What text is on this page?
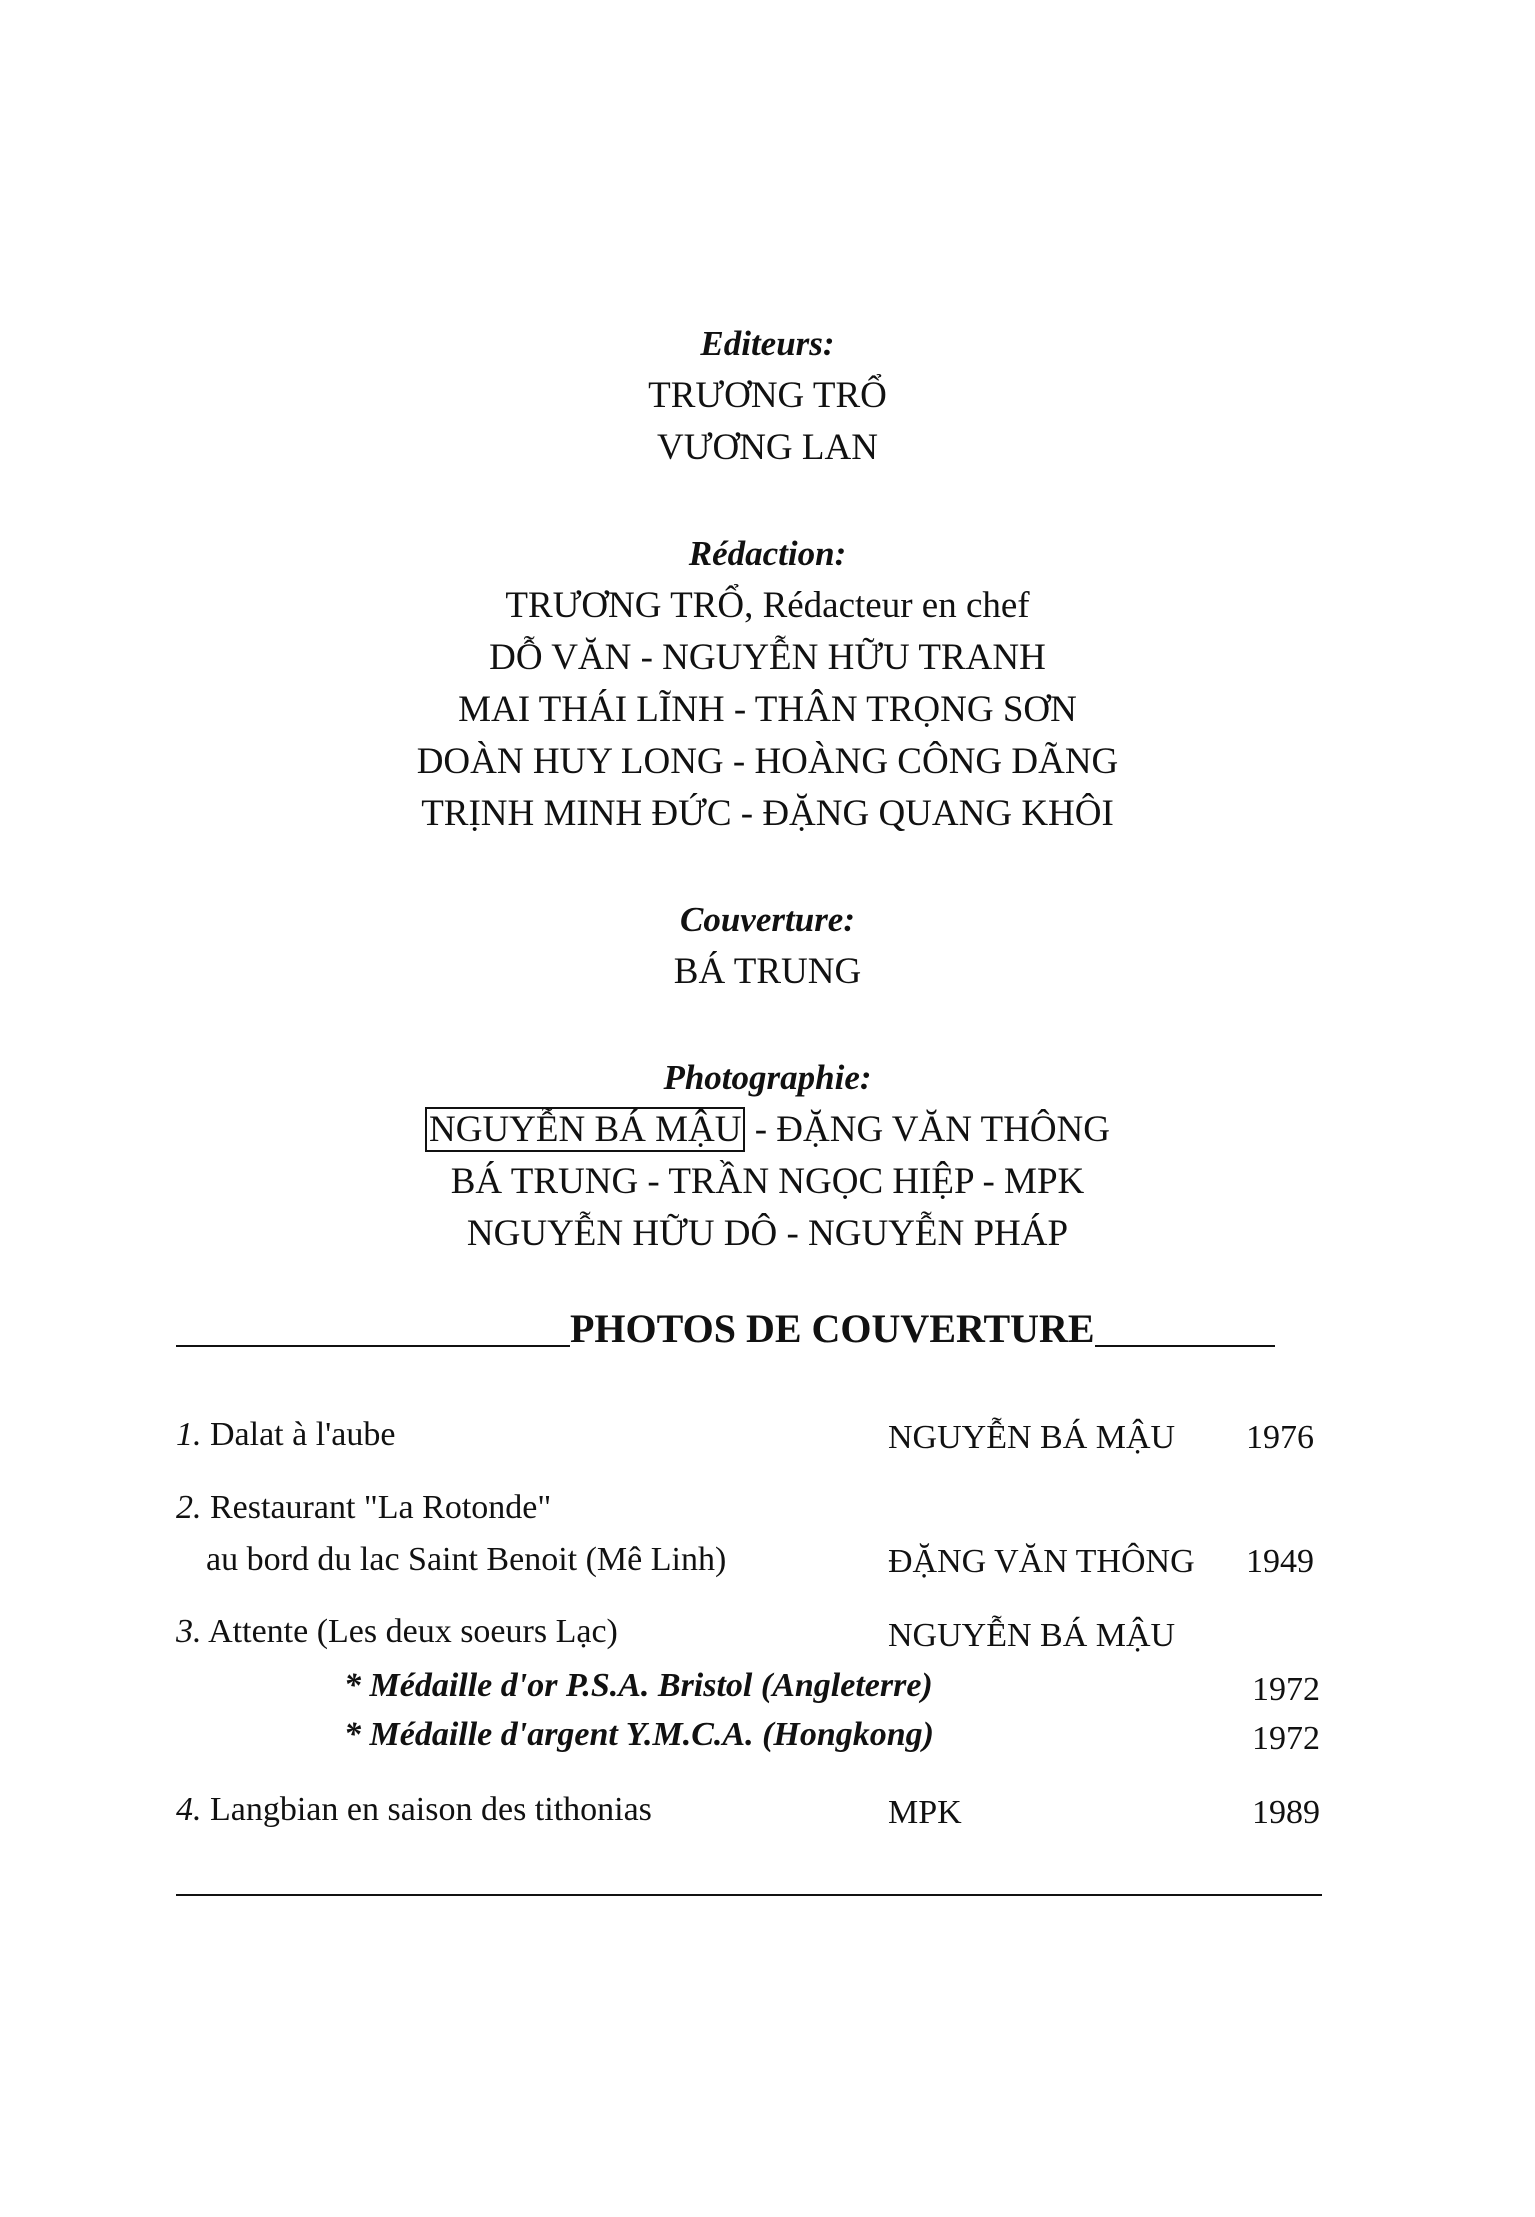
Editeurs:
TRƯƠNG TRỔ
VƯƠNG LAN
Rédaction:
TRƯƠNG TRỔ, Rédacteur en chef
DỖ VĂN - NGUYỄN HỮU TRANH
MAI THÁI LĨNH - THÂN TRỌNG SƠN
DOÀN HUY LONG - HOÀNG CÔNG DÃNG
TRỊNH MINH ĐỨC - ĐẶNG QUANG KHÔI
Couverture:
BÁ TRUNG
Photographie:
NGUYỄN BÁ MẬU - ĐẶNG VĂN THÔNG
BÁ TRUNG - TRẦN NGỌC HIỆP - MPK
NGUYỄN HỮU DÔ - NGUYỄN PHÁP
PHOTOS DE COUVERTURE
1. Dalat à l'aube	NGUYỄN BÁ MẬU 1976
2. Restaurant "La Rotonde"
au bord du lac Saint Benoit (Mê Linh)	ĐẶNG VĂN THÔNG 1949
3. Attente (Les deux soeurs Lạc)	NGUYỄN BÁ MẬU
* Médaille d'or P.S.A. Bristol (Angleterre)	1972
* Médaille d'argent Y.M.C.A. (Hongkong)	1972
4. Langbian en saison des tithonias	MPK	1989
